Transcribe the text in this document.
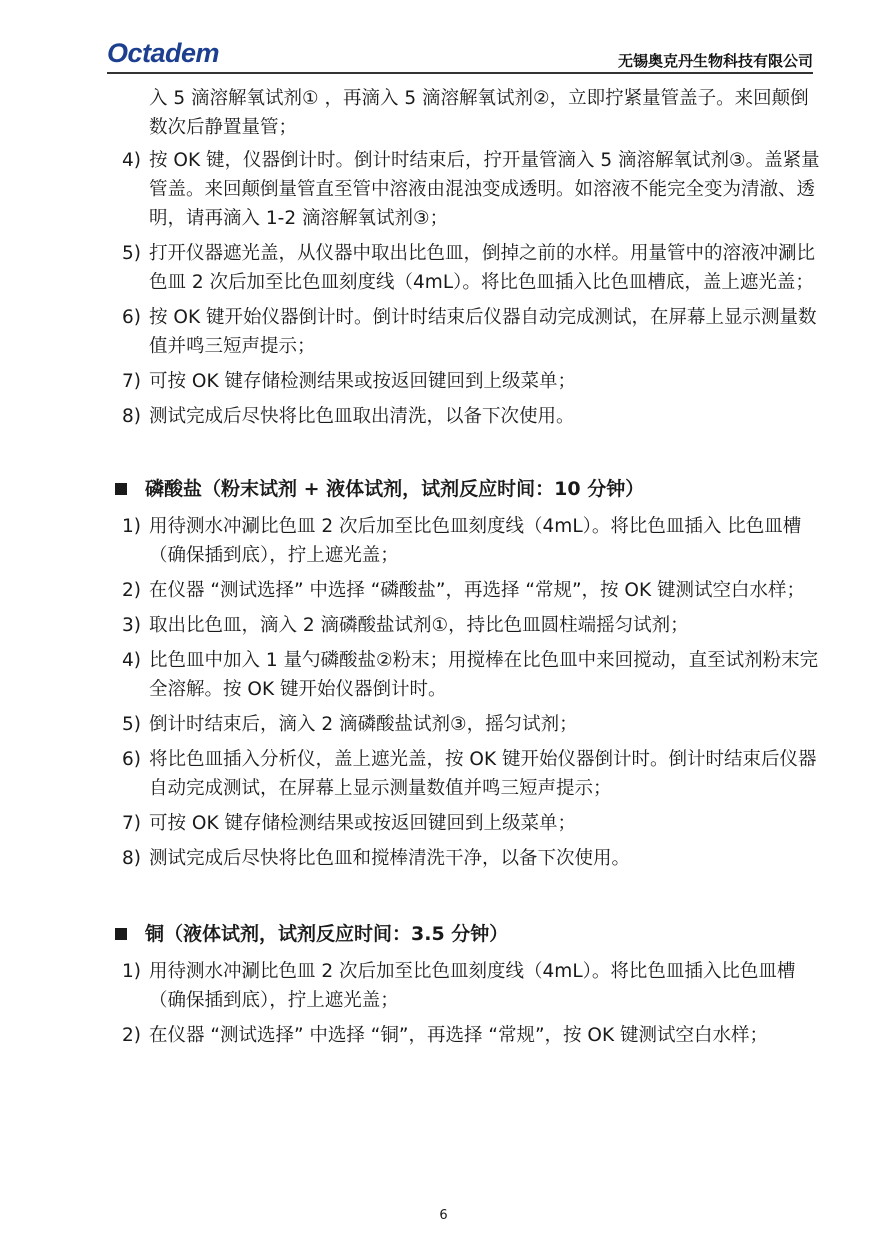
Octadem	无锡奥克丹生物科技有限公司

入 5 滴溶解氧试剂① ，再滴入 5 滴溶解氧试剂②，立即拧紧量管盖子。来回颠倒数次后静置量管；

4) 按 OK 键，仪器倒计时。倒计时结束后，拧开量管滴入 5 滴溶解氧试剂③。盖紧量管盖。来回颠倒量管直至管中溶液由混浊变成透明。如溶液不能完全变为清澈、透明，请再滴入 1-2 滴溶解氧试剂③；
5) 打开仪器遮光盖，从仪器中取出比色皿，倒掉之前的水样。用量管中的溶液冲涮比色皿 2 次后加至比色皿刻度线（4mL）。将比色皿插入比色皿槽底，盖上遮光盖；
6) 按 OK 键开始仪器倒计时。倒计时结束后仪器自动完成测试，在屏幕上显示测量数值并鸣三短声提示；
7) 可按 OK 键存储检测结果或按返回键回到上级菜单；
8) 测试完成后尽快将比色皿取出清洗，以备下次使用。
磷酸盐（粉末试剂 + 液体试剂，试剂反应时间：10 分钟）
1) 用待测水冲涮比色皿 2 次后加至比色皿刻度线（4mL）。将比色皿插入 比色皿槽（确保插到底），拧上遮光盖；
2) 在仪器 “测试选择” 中选择 “磷酸盐”，再选择 “常规”，按 OK 键测试空白水样；
3) 取出比色皿，滴入 2 滴磷酸盐试剂①，持比色皿圆柱端摇匀试剂；
4) 比色皿中加入 1 量勺磷酸盐②粉末；用搅棒在比色皿中来回搅动，直至试剂粉末完全溶解。按 OK 键开始仪器倒计时。
5) 倒计时结束后，滴入 2 滴磷酸盐试剂③，摇匀试剂；
6) 将比色皿插入分析仪，盖上遮光盖，按 OK 键开始仪器倒计时。倒计时结束后仪器自动完成测试，在屏幕上显示测量数值并鸣三短声提示；
7) 可按 OK 键存储检测结果或按返回键回到上级菜单；
8) 测试完成后尽快将比色皿和搅棒清洗干净，以备下次使用。
铜（液体试剂，试剂反应时间：3.5 分钟）
1) 用待测水冲涮比色皿 2 次后加至比色皿刻度线（4mL）。将比色皿插入比色皿槽（确保插到底），拧上遮光盖；
2) 在仪器 “测试选择” 中选择 “铜”，再选择 “常规”，按 OK 键测试空白水样；
6
